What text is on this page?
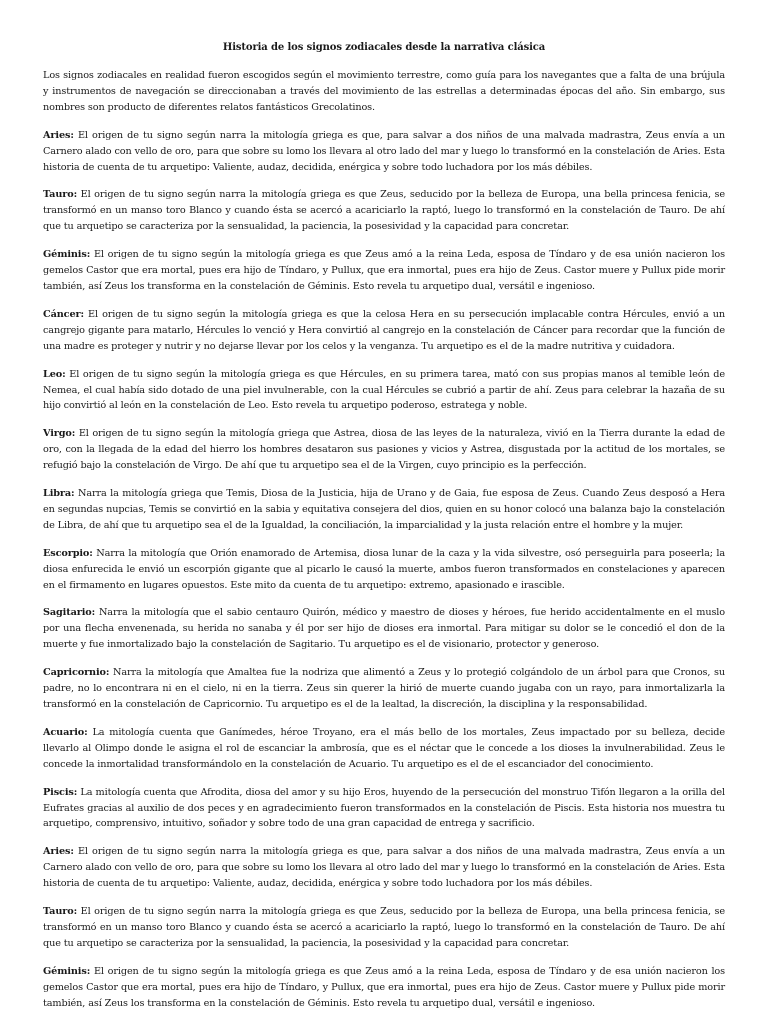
Historia de los signos zodiacales desde la narrativa clásica

Los signos zodiacales en realidad fueron escogidos según el movimiento terrestre, como guía para los navegantes que a falta de una brújula y instrumentos de navegación se direccionaban a través del movimiento de las estrellas a determinadas épocas del año. Sin embargo, sus nombres son producto de diferentes relatos fantásticos Grecolatinos.

Aries: El origen de tu signo según narra la mitología griega es que, para salvar a dos niños de una malvada madrastra, Zeus envía a un Carnero alado con vello de oro, para que sobre su lomo los llevara al otro lado del mar y luego lo transformó en la constelación de Aries. Esta historia de cuenta de tu arquetipo: Valiente, audaz, decidida, enérgica y sobre todo luchadora por los más débiles.

Tauro: El origen de tu signo según narra la mitología griega es que Zeus, seducido por la belleza de Europa, una bella princesa fenicia, se transformó en un manso toro Blanco y cuando ésta se acercó a acariciarlo la raptó, luego lo transformó en la constelación de Tauro. De ahí que tu arquetipo se caracteriza por la sensualidad, la paciencia, la posesividad y la capacidad para concretar.

Géminis: El origen de tu signo según la mitología griega es que Zeus amó a la reina Leda, esposa de Tíndaro y de esa unión nacieron los gemelos Castor que era mortal, pues era hijo de Tíndaro, y Pullux, que era inmortal, pues era hijo de Zeus. Castor muere y Pullux pide morir también, así Zeus los transforma en la constelación de Géminis. Esto revela tu arquetipo dual, versátil e ingenioso.

Cáncer: El origen de tu signo según la mitología griega es que la celosa Hera en su persecución implacable contra Hércules, envió a un cangrejo gigante para matarlo, Hércules lo venció y Hera convirtió al cangrejo en la constelación de Cáncer para recordar que la función de una madre es proteger y nutrir y no dejarse llevar por los celos y la venganza. Tu arquetipo es el de la madre nutritiva y cuidadora.

Leo: El origen de tu signo según la mitología griega es que Hércules, en su primera tarea, mató con sus propias manos al temible león de Nemea, el cual había sido dotado de una piel invulnerable, con la cual Hércules se cubrió a partir de ahí. Zeus para celebrar la hazaña de su hijo convirtió al león en la constelación de Leo. Esto revela tu arquetipo poderoso, estratega y noble.

Virgo: El origen de tu signo según la mitología griega que Astrea, diosa de las leyes de la naturaleza, vivió en la Tierra durante la edad de oro, con la llegada de la edad del hierro los hombres desataron sus pasiones y vicios y Astrea, disgustada por la actitud de los mortales, se refugió bajo la constelación de Virgo. De ahí que tu arquetipo sea el de la Virgen, cuyo principio es la perfección.

Libra: Narra la mitología griega que Temis, Diosa de la Justicia, hija de Urano y de Gaia, fue esposa de Zeus. Cuando Zeus desposó a Hera en segundas nupcias, Temis se convirtió en la sabia y equitativa consejera del dios, quien en su honor colocó una balanza bajo la constelación de Libra, de ahí que tu arquetipo sea el de la Igualdad, la conciliación, la imparcialidad y la justa relación entre el hombre y la mujer.

Escorpio: Narra la mitología que Orión enamorado de Artemisa, diosa lunar de la caza y la vida silvestre, osó perseguirla para poseerla; la diosa enfurecida le envió un escorpión gigante que al picarlo le causó la muerte, ambos fueron transformados en constelaciones y aparecen en el firmamento en lugares opuestos. Este mito da cuenta de tu arquetipo: extremo, apasionado e irascible.

Sagitario: Narra la mitología que el sabio centauro Quirón, médico y maestro de dioses y héroes, fue herido accidentalmente en el muslo por una flecha envenenada, su herida no sanaba y él por ser hijo de dioses era inmortal. Para mitigar su dolor se le concedió el don de la muerte y fue inmortalizado bajo la constelación de Sagitario. Tu arquetipo es el de visionario, protector y generoso.

Capricornio: Narra la mitología que Amaltea fue la nodriza que alimentó a Zeus y lo protegió colgándolo de un árbol para que Cronos, su padre, no lo encontrara ni en el cielo, ni en la tierra. Zeus sin querer la hirió de muerte cuando jugaba con un rayo, para inmortalizarla la transformó en la constelación de Capricornio. Tu arquetipo es el de la lealtad, la discreción, la disciplina y la responsabilidad.

Acuario: La mitología cuenta que Ganímedes, héroe Troyano, era el más bello de los mortales, Zeus impactado por su belleza, decide llevarlo al Olimpo donde le asigna el rol de escanciar la ambrosía, que es el néctar que le concede a los dioses la invulnerabilidad. Zeus le concede la inmortalidad transformándolo en la constelación de Acuario. Tu arquetipo es el de el escanciador del conocimiento.

Piscis: La mitología cuenta que Afrodita, diosa del amor y su hijo Eros, huyendo de la persecución del monstruo Tifón llegaron a la orilla del Eufrates gracias al auxilio de dos peces y en agradecimiento fueron transformados en la constelación de Piscis. Esta historia nos muestra tu arquetipo, comprensivo, intuitivo, soñador y sobre todo de una gran capacidad de entrega y sacrificio.

Aries: El origen de tu signo según narra la mitología griega es que, para salvar a dos niños de una malvada madrastra, Zeus envía a un Carnero alado con vello de oro, para que sobre su lomo los llevara al otro lado del mar y luego lo transformó en la constelación de Aries. Esta historia de cuenta de tu arquetipo: Valiente, audaz, decidida, enérgica y sobre todo luchadora por los más débiles.

Tauro: El origen de tu signo según narra la mitología griega es que Zeus, seducido por la belleza de Europa, una bella princesa fenicia, se transformó en un manso toro Blanco y cuando ésta se acercó a acariciarlo la raptó, luego lo transformó en la constelación de Tauro. De ahí que tu arquetipo se caracteriza por la sensualidad, la paciencia, la posesividad y la capacidad para concretar.

Géminis: El origen de tu signo según la mitología griega es que Zeus amó a la reina Leda, esposa de Tíndaro y de esa unión nacieron los gemelos Castor que era mortal, pues era hijo de Tíndaro, y Pullux, que era inmortal, pues era hijo de Zeus. Castor muere y Pullux pide morir también, así Zeus los transforma en la constelación de Géminis. Esto revela tu arquetipo dual, versátil e ingenioso.
